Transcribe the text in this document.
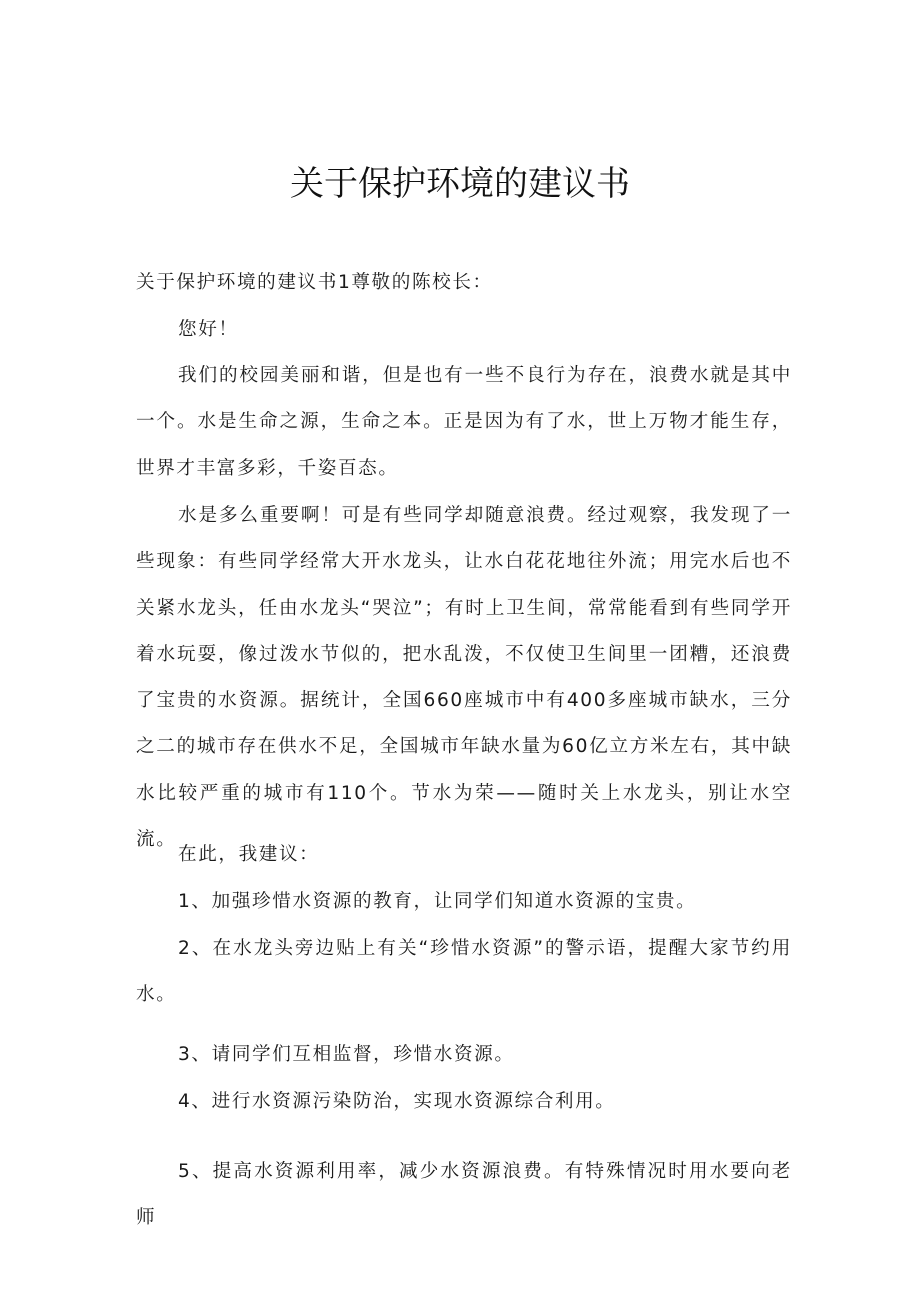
关于保护环境的建议书

关于保护环境的建议书1尊敬的陈校长：

您好！

我们的校园美丽和谐，但是也有一些不良行为存在，浪费水就是其中一个。水是生命之源，生命之本。正是因为有了水，世上万物才能生存，世界才丰富多彩，千姿百态。

水是多么重要啊！可是有些同学却随意浪费。经过观察，我发现了一些现象：有些同学经常大开水龙头，让水白花花地往外流；用完水后也不关紧水龙头，任由水龙头“哭泣”；有时上卫生间，常常能看到有些同学开着水玩耍，像过泼水节似的，把水乱泼，不仅使卫生间里一团糟，还浪费了宝贵的水资源。据统计，全国660座城市中有400多座城市缺水，三分之二的城市存在供水不足，全国城市年缺水量为60亿立方米左右，其中缺水比较严重的城市有110个。节水为荣——随时关上水龙头，别让水空流。

在此，我建议：

1、加强珍惜水资源的教育，让同学们知道水资源的宝贵。

2、在水龙头旁边贴上有关“珍惜水资源”的警示语，提醒大家节约用水。

3、请同学们互相监督，珍惜水资源。

4、进行水资源污染防治，实现水资源综合利用。

5、提高水资源利用率，减少水资源浪费。有特殊情况时用水要向老师
